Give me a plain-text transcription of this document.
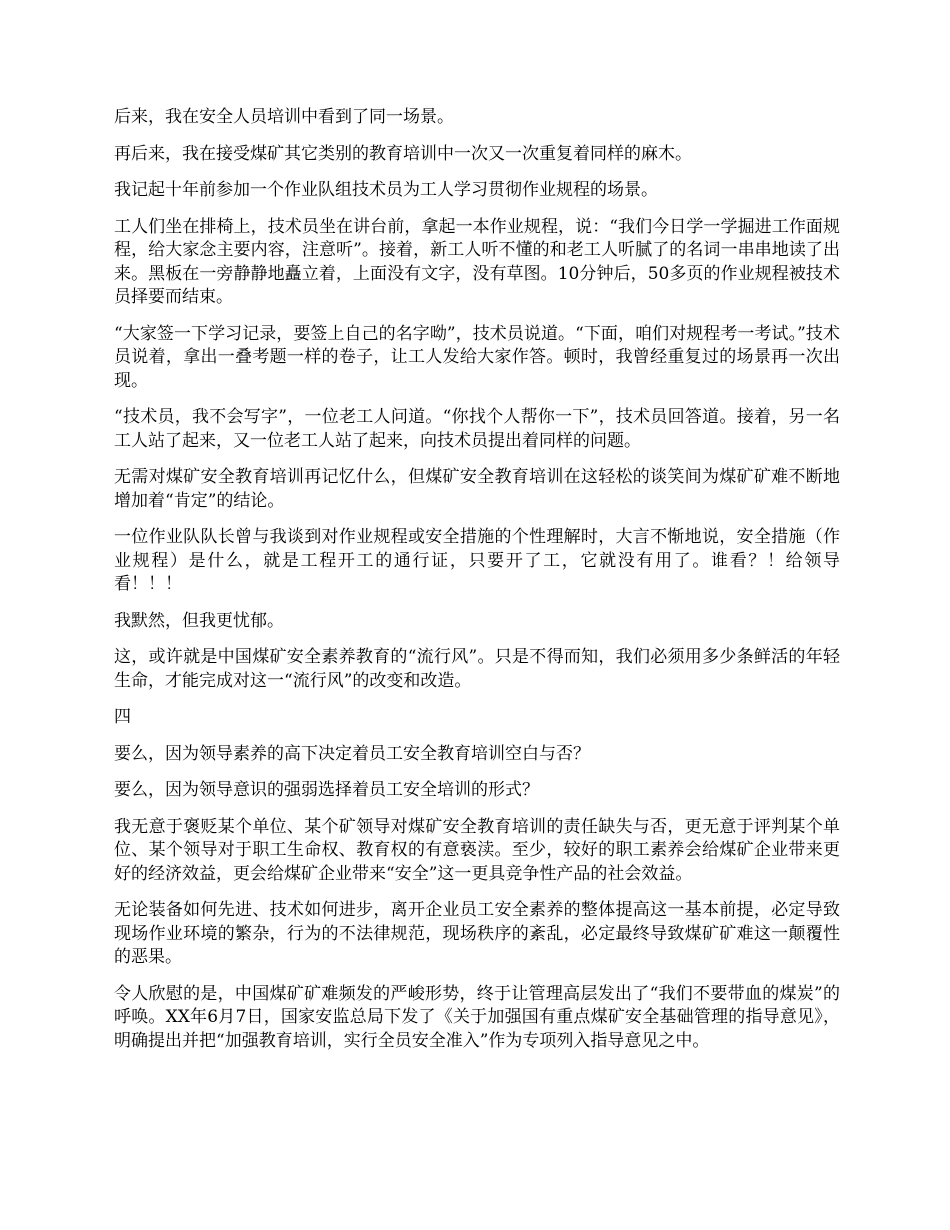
后来，我在安全人员培训中看到了同一场景。

再后来，我在接受煤矿其它类别的教育培训中一次又一次重复着同样的麻木。

我记起十年前参加一个作业队组技术员为工人学习贯彻作业规程的场景。

工人们坐在排椅上，技术员坐在讲台前，拿起一本作业规程，说：“我们今日学一学掘进工作面规程，给大家念主要内容，注意听”。接着，新工人听不懂的和老工人听腻了的名词一串串地读了出来。黑板在一旁静静地矗立着，上面没有文字，没有草图。10分钟后，50多页的作业规程被技术员择要而结束。

“大家签一下学习记录，要签上自己的名字呦”，技术员说道。“下面，咱们对规程考一考试。”技术员说着，拿出一叠考题一样的卷子，让工人发给大家作答。顿时，我曾经重复过的场景再一次出现。

“技术员，我不会写字”，一位老工人问道。“你找个人帮你一下”，技术员回答道。接着，另一名工人站了起来，又一位老工人站了起来，向技术员提出着同样的问题。

无需对煤矿安全教育培训再记忆什么，但煤矿安全教育培训在这轻松的谈笑间为煤矿矿难不断地增加着“肯定”的结论。

一位作业队队长曾与我谈到对作业规程或安全措施的个性理解时，大言不惭地说，安全措施（作业规程）是什么，就是工程开工的通行证，只要开了工，它就没有用了。谁看？！给领导看！！！

我默然，但我更忧郁。

这，或许就是中国煤矿安全素养教育的“流行风”。只是不得而知，我们必须用多少条鲜活的年轻生命，才能完成对这一“流行风”的改变和改造。

四

要么，因为领导素养的高下决定着员工安全教育培训空白与否？

要么，因为领导意识的强弱选择着员工安全培训的形式？

我无意于褒贬某个单位、某个矿领导对煤矿安全教育培训的责任缺失与否，更无意于评判某个单位、某个领导对于职工生命权、教育权的有意亵渎。至少，较好的职工素养会给煤矿企业带来更好的经济效益，更会给煤矿企业带来“安全”这一更具竞争性产品的社会效益。

无论装备如何先进、技术如何进步，离开企业员工安全素养的整体提高这一基本前提，必定导致现场作业环境的繁杂，行为的不法律规范，现场秩序的紊乱，必定最终导致煤矿矿难这一颠覆性的恶果。

令人欣慰的是，中国煤矿矿难频发的严峻形势，终于让管理高层发出了“我们不要带血的煤炭”的呼唤。XX年6月7日，国家安监总局下发了《关于加强国有重点煤矿安全基础管理的指导意见》，明确提出并把“加强教育培训，实行全员安全准入”作为专项列入指导意见之中。
